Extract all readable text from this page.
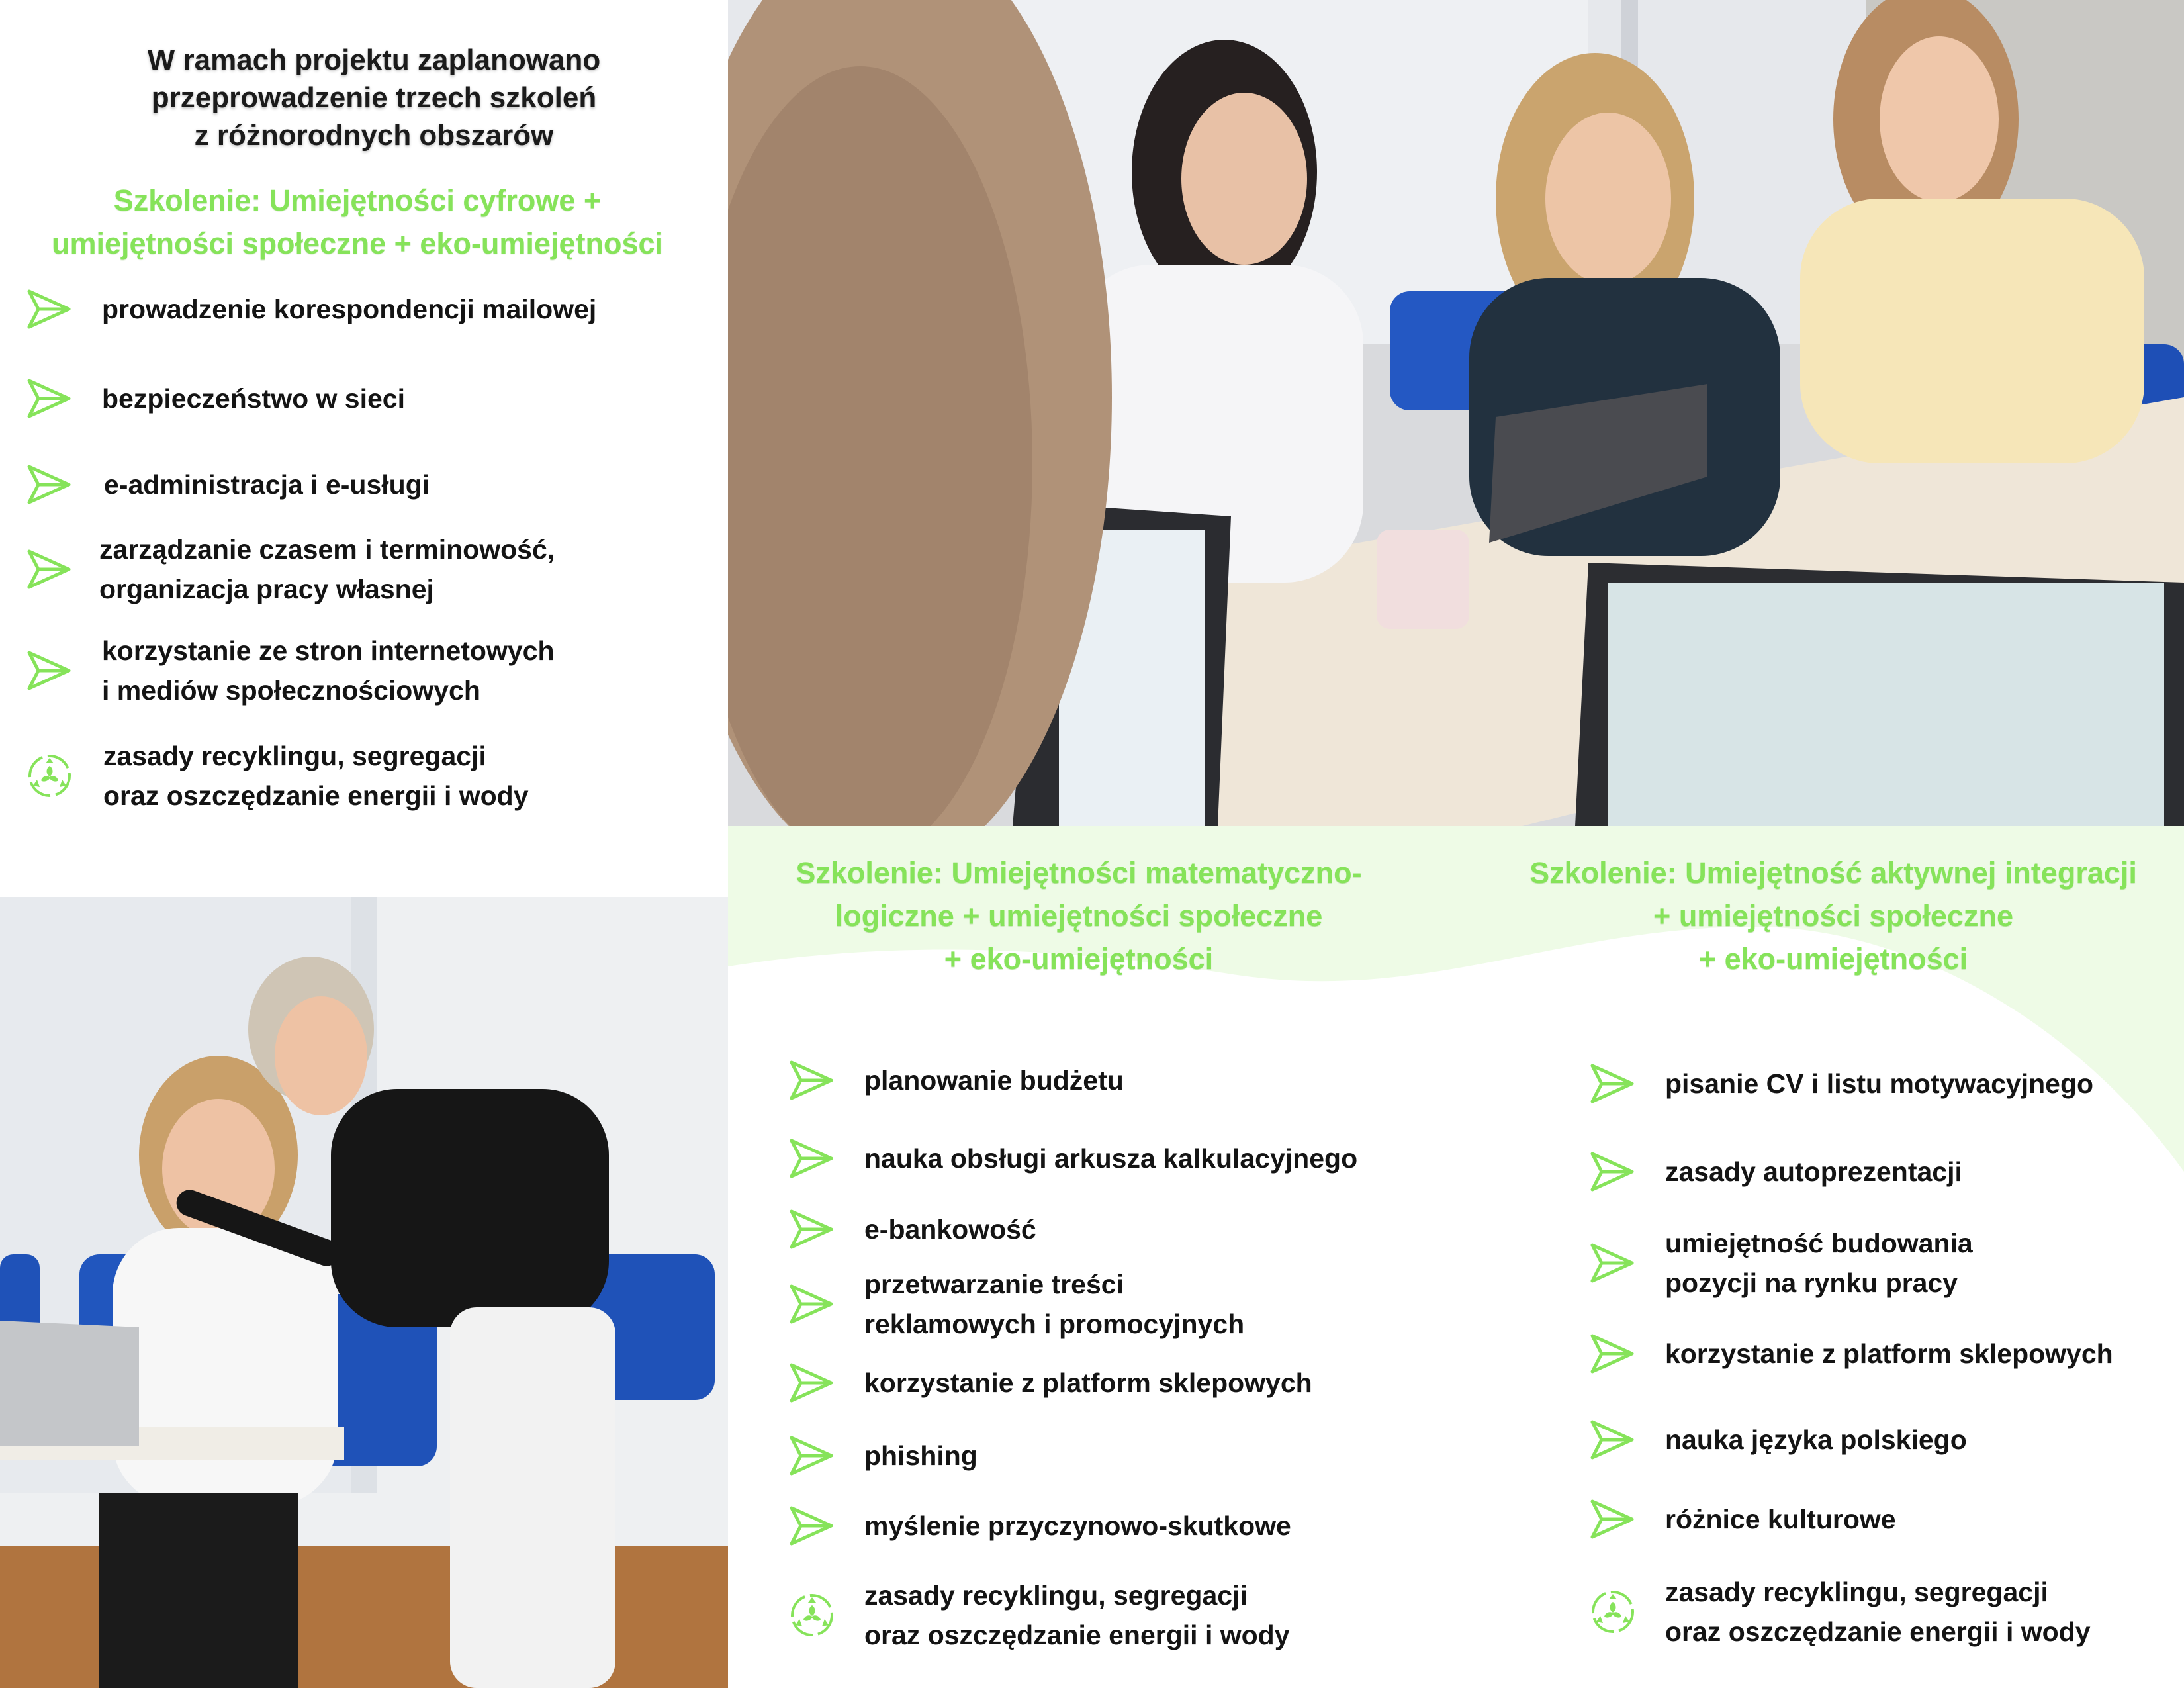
W ramach projektu zaplanowano
przeprowadzenie trzech szkoleń
z różnorodnych obszarów
Szkolenie: Umiejętności cyfrowe +
umiejętności społeczne + eko-umiejętności
Szkolenie: Umiejętności matematyczno-
logiczne + umiejętności społeczne
+ eko-umiejętności
Szkolenie: Umiejętność aktywnej integracji
+ umiejętności społeczne
+ eko-umiejętności
prowadzenie korespondencji mailowej
bezpieczeństwo w sieci
e-administracja i e-usługi
zarządzanie czasem i terminowość,
organizacja pracy własnej
korzystanie ze stron internetowych
i mediów społecznościowych
zasady recyklingu, segregacji
oraz oszczędzanie energii i wody
planowanie budżetu
nauka obsługi arkusza kalkulacyjnego
e-bankowość
przetwarzanie treści
reklamowych i promocyjnych
korzystanie z platform sklepowych
phishing
myślenie przyczynowo-skutkowe
zasady recyklingu, segregacji
oraz oszczędzanie energii i wody
pisanie CV i listu motywacyjnego
zasady autoprezentacji
umiejętność budowania
pozycji na rynku pracy
korzystanie z platform sklepowych
nauka języka polskiego
różnice kulturowe
zasady recyklingu, segregacji
oraz oszczędzanie energii i wody
